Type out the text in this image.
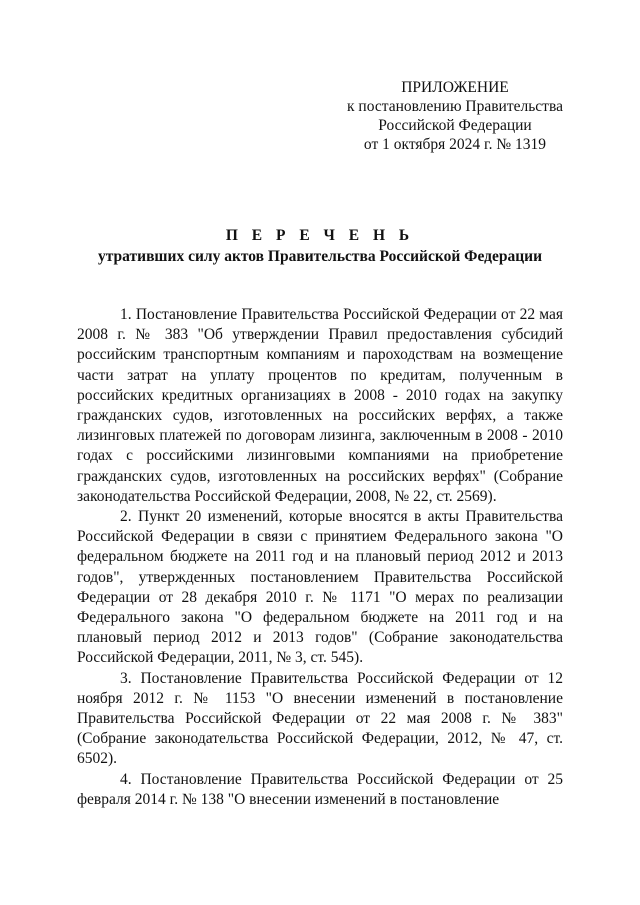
ПРИЛОЖЕНИЕ
к постановлению Правительства
Российской Федерации
от 1 октября 2024 г. № 1319
П Е Р Е Ч Е Н Ь
утративших силу актов Правительства Российской Федерации

1. Постановление Правительства Российской Федерации от 22 мая 2008 г. № 383 "Об утверждении Правил предоставления субсидий российским транспортным компаниям и пароходствам на возмещение части затрат на уплату процентов по кредитам, полученным в российских кредитных организациях в 2008 - 2010 годах на закупку гражданских судов, изготовленных на российских верфях, а также лизинговых платежей по договорам лизинга, заключенным в 2008 - 2010 годах с российскими лизинговыми компаниями на приобретение гражданских судов, изготовленных на российских верфях" (Собрание законодательства Российской Федерации, 2008, № 22, ст. 2569).

2. Пункт 20 изменений, которые вносятся в акты Правительства Российской Федерации в связи с принятием Федерального закона "О федеральном бюджете на 2011 год и на плановый период 2012 и 2013 годов", утвержденных постановлением Правительства Российской Федерации от 28 декабря 2010 г. № 1171 "О мерах по реализации Федерального закона "О федеральном бюджете на 2011 год и на плановый период 2012 и 2013 годов" (Собрание законодательства Российской Федерации, 2011, № 3, ст. 545).

3. Постановление Правительства Российской Федерации от 12 ноября 2012 г. № 1153 "О внесении изменений в постановление Правительства Российской Федерации от 22 мая 2008 г. № 383" (Собрание законодательства Российской Федерации, 2012, № 47, ст. 6502).

4. Постановление Правительства Российской Федерации от 25 февраля 2014 г. № 138 "О внесении изменений в постановление
